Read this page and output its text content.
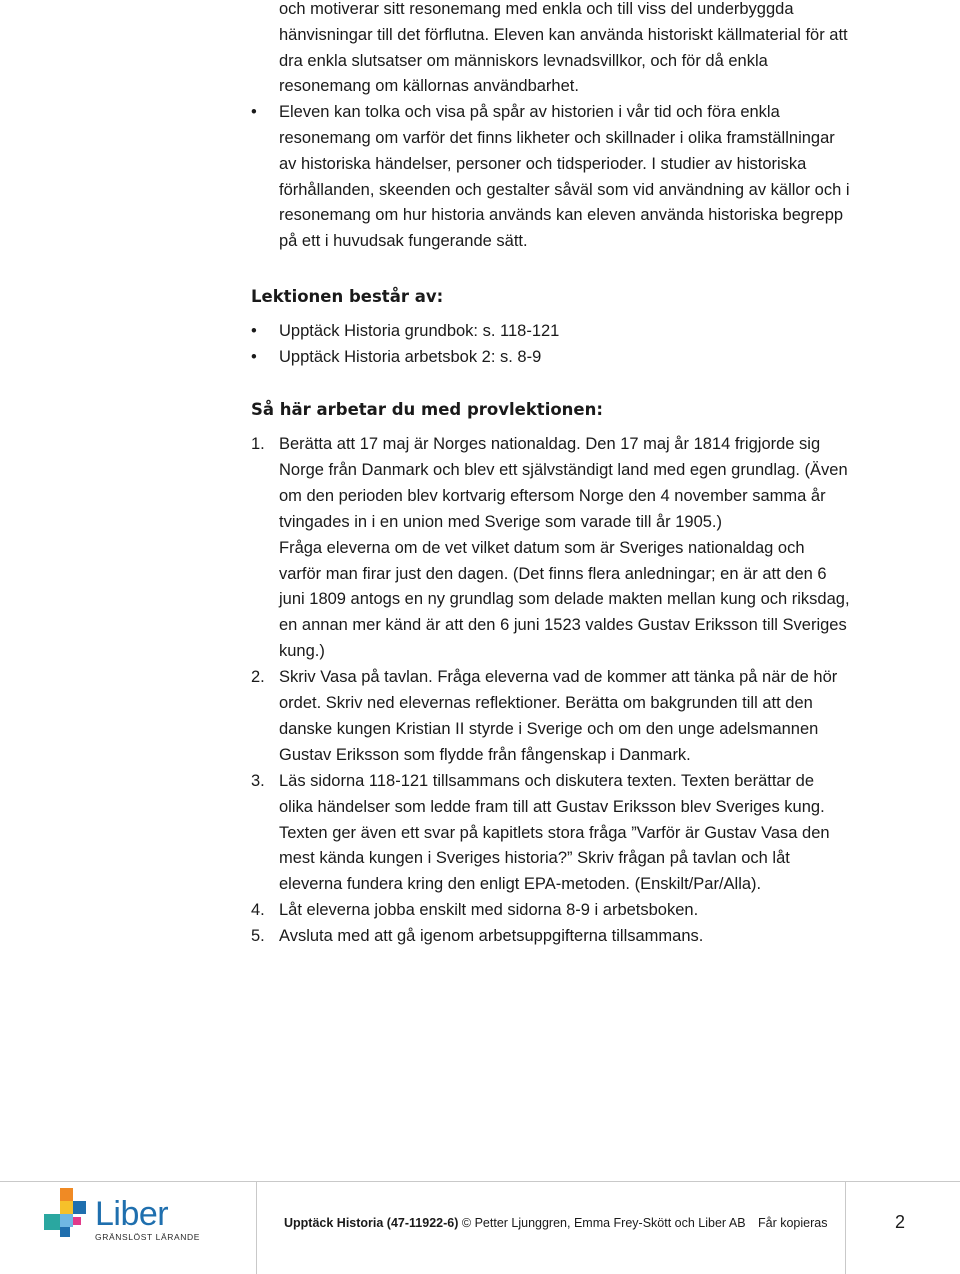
och motiverar sitt resonemang med enkla och till viss del underbyggda hänvisningar till det förflutna. Eleven kan använda historiskt källmaterial för att dra enkla slutsatser om människors levnadsvillkor, och för då enkla resonemang om källornas användbarhet.

• Eleven kan tolka och visa på spår av historien i vår tid och föra enkla resonemang om varför det finns likheter och skillnader i olika framställningar av historiska händelser, personer och tidsperioder. I studier av historiska förhållanden, skeenden och gestalter såväl som vid användning av källor och i resonemang om hur historia används kan eleven använda historiska begrepp på ett i huvudsak fungerande sätt.
Lektionen består av:
• Upptäck Historia grundbok: s. 118-121
• Upptäck Historia arbetsbok 2: s. 8-9
Så här arbetar du med provlektionen:
1. Berätta att 17 maj är Norges nationaldag. Den 17 maj år 1814 frigjorde sig Norge från Danmark och blev ett självständigt land med egen grundlag. (Även om den perioden blev kortvarig eftersom Norge den 4 november samma år tvingades in i en union med Sverige som varade till år 1905.)

Fråga eleverna om de vet vilket datum som är Sveriges nationaldag och varför man firar just den dagen. (Det finns flera anledningar; en är att den 6 juni 1809 antogs en ny grundlag som delade makten mellan kung och riksdag, en annan mer känd är att den 6 juni 1523 valdes Gustav Eriksson till Sveriges kung.)

2. Skriv Vasa på tavlan. Fråga eleverna vad de kommer att tänka på när de hör ordet. Skriv ned elevernas reflektioner. Berätta om bakgrunden till att den danske kungen Kristian II styrde i Sverige och om den unge adelsmannen Gustav Eriksson som flydde från fångenskap i Danmark.

3. Läs sidorna 118-121 tillsammans och diskutera texten. Texten berättar de olika händelser som ledde fram till att Gustav Eriksson blev Sveriges kung. Texten ger även ett svar på kapitlets stora fråga ”Varför är Gustav Vasa den mest kända kungen i Sveriges historia?” Skriv frågan på tavlan och låt eleverna fundera kring den enligt EPA-metoden. (Enskilt/Par/Alla).

4. Låt eleverna jobba enskilt med sidorna 8-9 i arbetsboken.

5. Avsluta med att gå igenom arbetsuppgifterna tillsammans.

Liber
GRÄNSLÖST LÄRANDE
Upptäck Historia (47-11922-6) © Petter Ljunggren, Emma Frey-Skött och Liber AB Får kopieras	2
